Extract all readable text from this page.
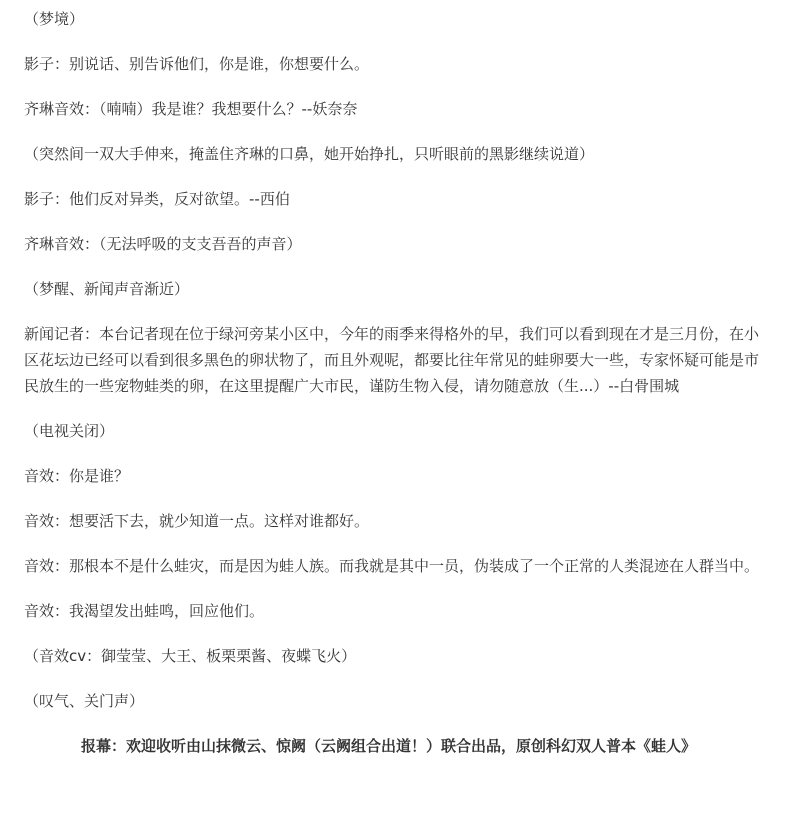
（梦境）

影子：别说话、别告诉他们，你是谁，你想要什么。

齐琳音效：（喃喃）我是谁？我想要什么？--妖奈奈

（突然间一双大手伸来，掩盖住齐琳的口鼻，她开始挣扎，只听眼前的黑影继续说道）

影子：他们反对异类，反对欲望。--西伯

齐琳音效：（无法呼吸的支支吾吾的声音）

（梦醒、新闻声音渐近）

新闻记者：本台记者现在位于绿河旁某小区中，今年的雨季来得格外的早，我们可以看到现在才是三月份，在小区花坛边已经可以看到很多黑色的卵状物了，而且外观呢，都要比往年常见的蛙卵要大一些，专家怀疑可能是市民放生的一些宠物蛙类的卵，在这里提醒广大市民，谨防生物入侵，请勿随意放（生...）--白骨围城

（电视关闭）

音效：你是谁？

音效：想要活下去，就少知道一点。这样对谁都好。

音效：那根本不是什么蛙灾，而是因为蛙人族。而我就是其中一员，伪装成了一个正常的人类混迹在人群当中。

音效：我渴望发出蛙鸣，回应他们。

（音效cv：御莹莹、大王、板栗栗酱、夜蝶飞火）

（叹气、关门声）

报幕：欢迎收听由山抹微云、惊阙（云阙组合出道！）联合出品，原创科幻双人普本《蛙人》
